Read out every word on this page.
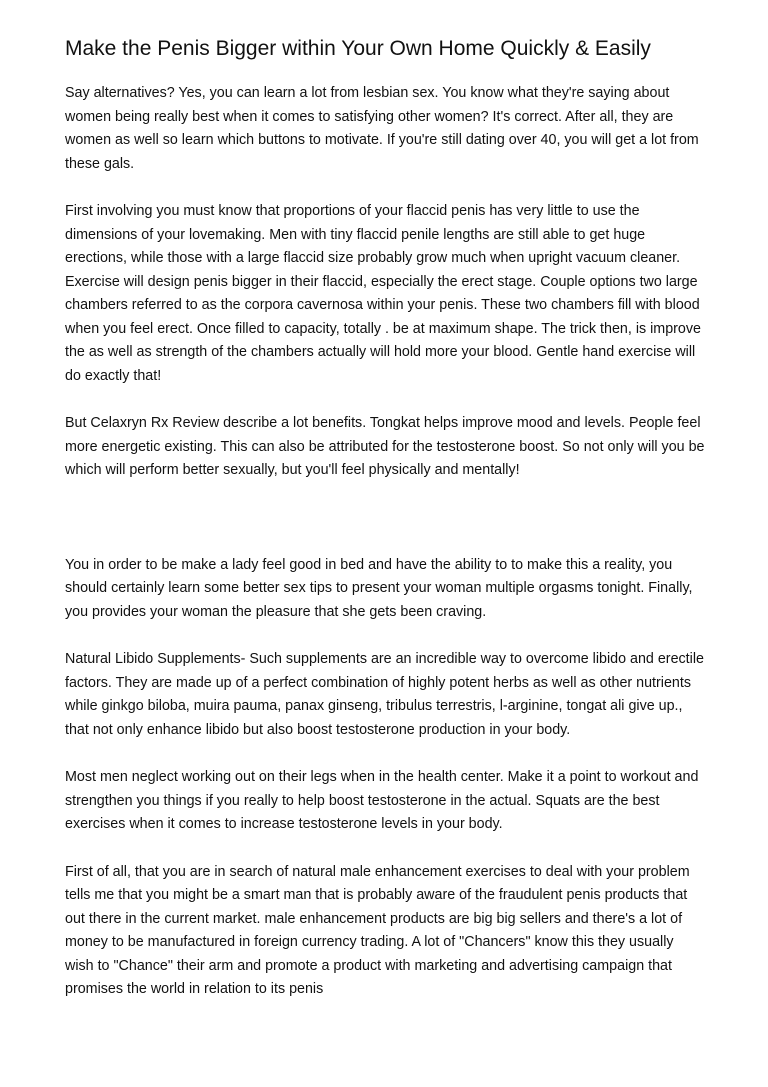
Make the Penis Bigger within Your Own Home Quickly & Easily

Say alternatives? Yes, you can learn a lot from lesbian sex. You know what they're saying about women being really best when it comes to satisfying other women? It's correct. After all, they are women as well so learn which buttons to motivate. If you're still dating over 40, you will get a lot from these gals.

First involving you must know that proportions of your flaccid penis has very little to use the dimensions of your lovemaking. Men with tiny flaccid penile lengths are still able to get huge erections, while those with a large flaccid size probably grow much when upright vacuum cleaner. Exercise will design penis bigger in their flaccid, especially the erect stage. Couple options two large chambers referred to as the corpora cavernosa within your penis. These two chambers fill with blood when you feel erect. Once filled to capacity, totally . be at maximum shape. The trick then, is improve the as well as strength of the chambers actually will hold more your blood. Gentle hand exercise will do exactly that!

But Celaxryn Rx Review describe a lot benefits. Tongkat helps improve mood and levels. People feel more energetic existing. This can also be attributed for the testosterone boost. So not only will you be which will perform better sexually, but you'll feel physically and mentally!

You in order to be make a lady feel good in bed and have the ability to to make this a reality, you should certainly learn some better sex tips to present your woman multiple orgasms tonight. Finally, you provides your woman the pleasure that she gets been craving.

Natural Libido Supplements- Such supplements are an incredible way to overcome libido and erectile factors. They are made up of a perfect combination of highly potent herbs as well as other nutrients while ginkgo biloba, muira pauma, panax ginseng, tribulus terrestris, l-arginine, tongat ali give up., that not only enhance libido but also boost testosterone production in your body.

Most men neglect working out on their legs when in the health center. Make it a point to workout and strengthen you things if you really to help boost testosterone in the actual. Squats are the best exercises when it comes to increase testosterone levels in your body.

First of all, that you are in search of natural male enhancement exercises to deal with your problem tells me that you might be a smart man that is probably aware of the fraudulent penis products that out there in the current market. male enhancement products are big big sellers and there's a lot of money to be manufactured in foreign currency trading. A lot of "Chancers" know this they usually wish to "Chance" their arm and promote a product with marketing and advertising campaign that promises the world in relation to its penis
